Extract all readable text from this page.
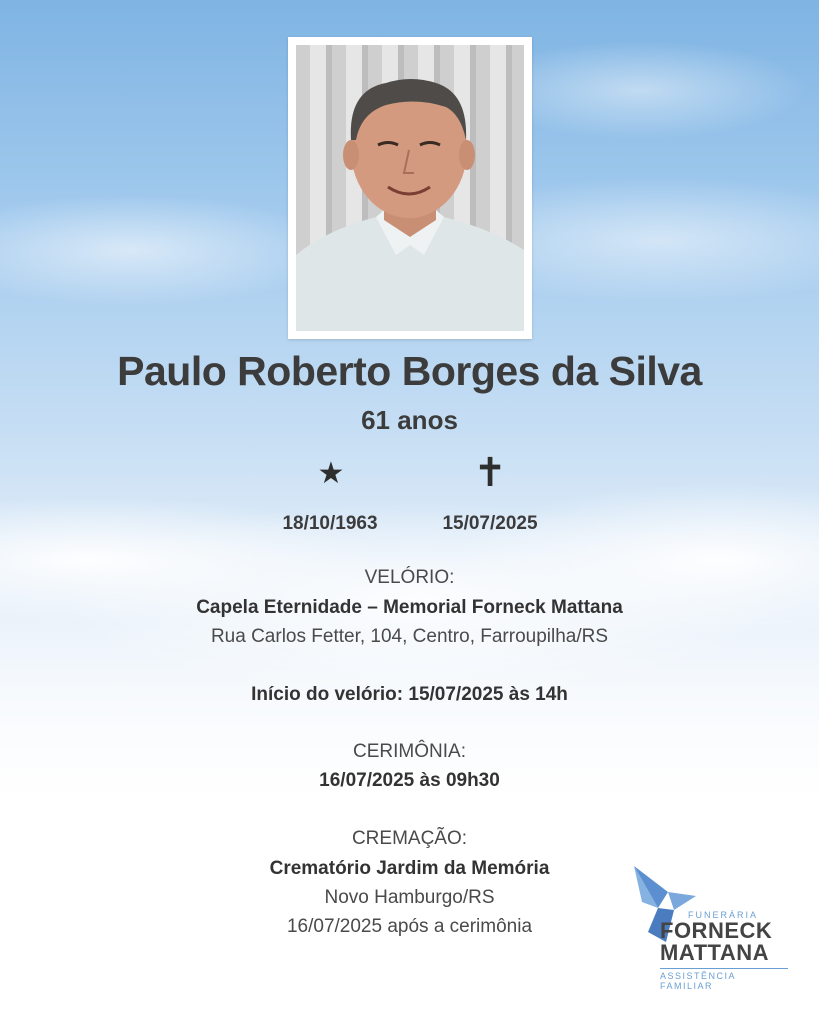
Paulo Roberto Borges da Silva
61 anos
★	✝
18/10/1963	15/07/2025
VELÓRIO:
Capela Eternidade – Memorial Forneck Mattana
Rua Carlos Fetter, 104, Centro, Farroupilha/RS
Início do velório: 15/07/2025 às 14h
CERIMÔNIA:
16/07/2025 às 09h30
CREMAÇÃO:
Crematório Jardim da Memória
Novo Hamburgo/RS
16/07/2025 após a cerimônia
FUNERÁRIA
FORNECK
MATTANA
ASSISTÊNCIA FAMILIAR
